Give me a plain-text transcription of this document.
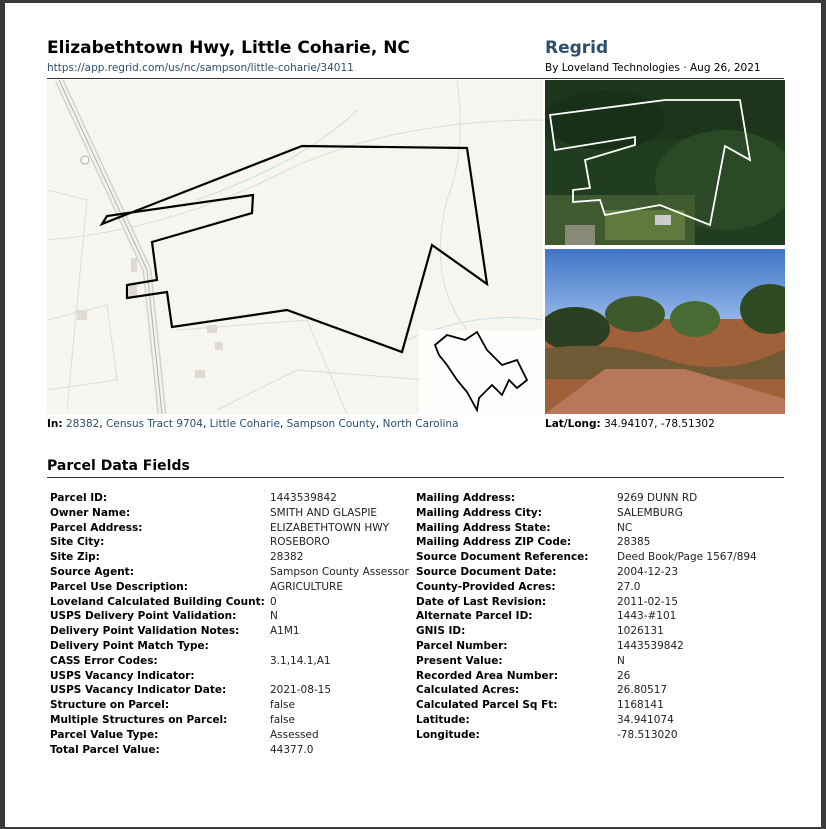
Elizabethtown Hwy, Little Coharie, NC
https://app.regrid.com/us/nc/sampson/little-coharie/34011
Regrid
By Loveland Technologies · Aug 26, 2021
In: 28382, Census Tract 9704, Little Coharie, Sampson County, North Carolina	Lat/Long: 34.94107, -78.51302
Parcel Data Fields
Parcel ID:	1443539842
Owner Name:	SMITH AND GLASPIE
Parcel Address:	ELIZABETHTOWN HWY
Site City:	ROSEBORO
Site Zip:	28382
Source Agent:	Sampson County Assessor
Parcel Use Description:	AGRICULTURE
Loveland Calculated Building Count: 0
USPS Delivery Point Validation:	N
Delivery Point Validation Notes:	A1M1
Delivery Point Match Type:
CASS Error Codes:	3.1,14.1,A1
USPS Vacancy Indicator:
USPS Vacancy Indicator Date:	2021-08-15
Structure on Parcel:	false
Multiple Structures on Parcel:	false
Parcel Value Type:	Assessed
Total Parcel Value:	44377.0
Mailing Address:	9269 DUNN RD
Mailing Address City:	SALEMBURG
Mailing Address State:	NC
Mailing Address ZIP Code:	28385
Source Document Reference:	Deed Book/Page 1567/894
Source Document Date:	2004-12-23
County-Provided Acres:	27.0
Date of Last Revision:	2011-02-15
Alternate Parcel ID:	1443-#101
GNIS ID:	1026131
Parcel Number:	1443539842
Present Value:	N
Recorded Area Number:	26
Calculated Acres:	26.80517
Calculated Parcel Sq Ft:	1168141
Latitude:	34.941074
Longitude:	-78.513020
